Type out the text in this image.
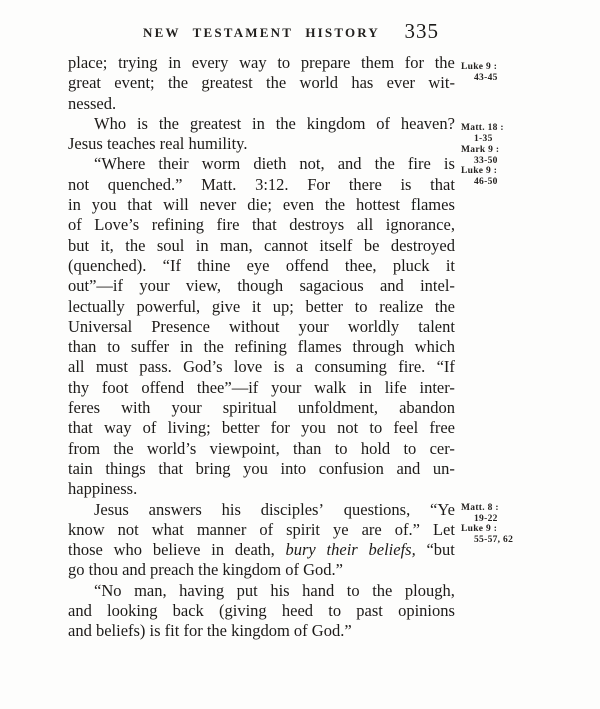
NEW TESTAMENT HISTORY	335
place; trying in every way to prepare them for the
great event; the greatest the world has ever wit-
nessed.
Who is the greatest in the kingdom of heaven?
Jesus teaches real humility.
“Where their worm dieth not, and the fire is
not quenched.” Matt. 3:12. For there is that
in you that will never die; even the hottest flames
of Love’s refining fire that destroys all ignorance,
but it, the soul in man, cannot itself be destroyed
(quenched). “If thine eye offend thee, pluck it
out”—if your view, though sagacious and intel-
lectually powerful, give it up; better to realize the
Universal Presence without your worldly talent
than to suffer in the refining flames through which
all must pass. God’s love is a consuming fire. “If
thy foot offend thee”—if your walk in life inter-
feres with your spiritual unfoldment, abandon
that way of living; better for you not to feel free
from the world’s viewpoint, than to hold to cer-
tain things that bring you into confusion and un-
happiness.
Jesus answers his disciples’ questions, “Ye
know not what manner of spirit ye are of.” Let
those who believe in death, bury their beliefs, “but
go thou and preach the kingdom of God.”
“No man, having put his hand to the plough,
and looking back (giving heed to past opinions
and beliefs) is fit for the kingdom of God.”
Luke 9 :
43-45
Matt. 18 :
1-35
Mark 9 :
33-50
Luke 9 :
46-50
Matt. 8 :
19-22
Luke 9 :
55-57, 62
